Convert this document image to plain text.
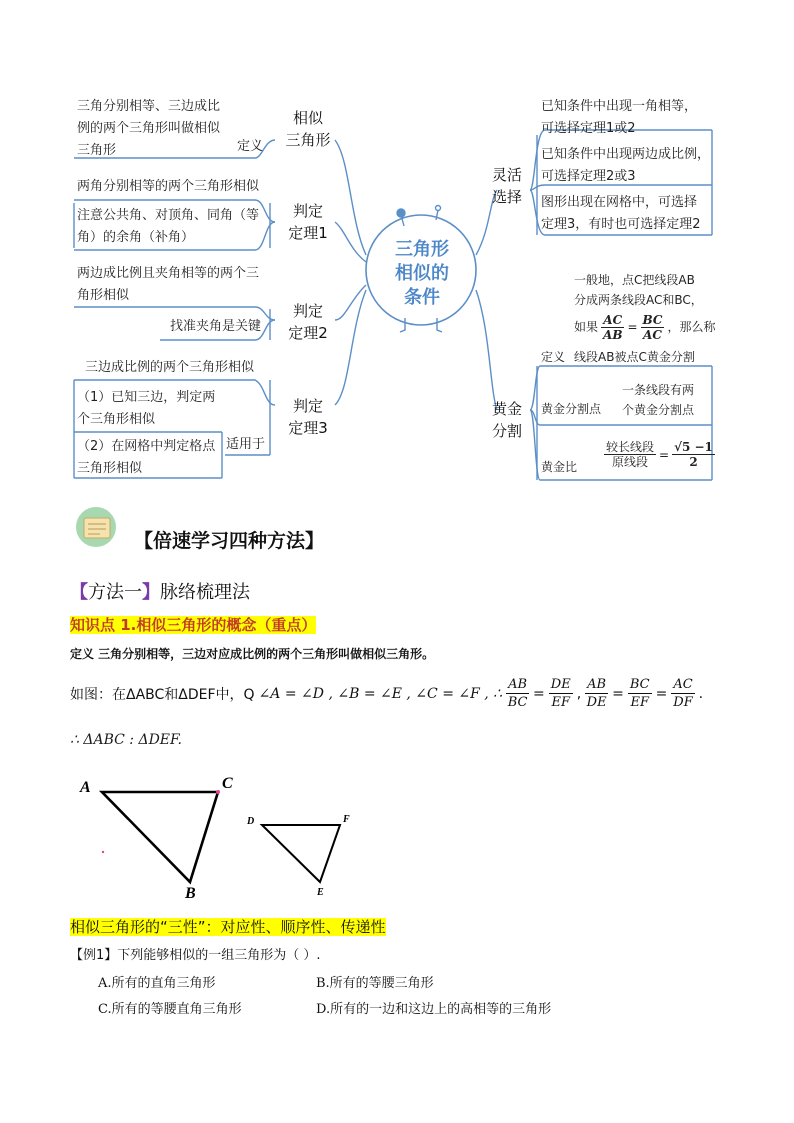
三角形
相似的
条件
相似
三角形
三角分别相等、三边成比
例的两个三角形叫做相似
三角形	定义
判定
定理1
两角分别相等的两个三角形相似
注意公共角、对顶角、同角（等
角）的余角（补角）
判定
定理2
两边成比例且夹角相等的两个三
角形相似
找准夹角是关键
判定
定理3
三边成比例的两个三角形相似
（1）已知三边，判定两
个三角形相似
（2）在网格中判定格点
三角形相似
适用于
灵活
选择
已知条件中出现一角相等，
可选择定理1或2
已知条件中出现两边成比例，
可选择定理2或3
图形出现在网格中，可选择
定理3，有时也可选择定理2
黄金
分割
一般地，点C把线段AB
分成两条线段AC和BC，
如果 $\frac{AC}{AB} = \frac{BC}{AC}$ ，那么称
定义 线段AB被点C黄金分割
黄金分割点
一条线段有两
个黄金分割点
黄金比 $\frac{\text{较长线段}}{\text{原线段}} = \frac{√5 -1}{2}$
【倍速学习四种方法】
【方法一】脉络梳理法
知识点 1.相似三角形的概念（重点）
定义 三角分别相等，三边对应成比例的两个三角形叫做相似三角形。
如图：在ΔABC和ΔDEF中，Q ∠A = ∠D , ∠B = ∠E , ∠C = ∠F , ∴ $\frac{AB}{BC} = \frac{DE}{EF}$ , $\frac{AB}{DE} = \frac{BC}{EF} = \frac{AC}{DF}$ .
∴ ΔABC : ΔDEF.
A	C
B
D	F
E
相似三角形的“三性”：对应性、顺序性、传递性
【例1】下列能够相似的一组三角形为（ ）.
A.所有的直角三角形	B.所有的等腰三角形
C.所有的等腰直角三角形	D.所有的一边和这边上的高相等的三角形
